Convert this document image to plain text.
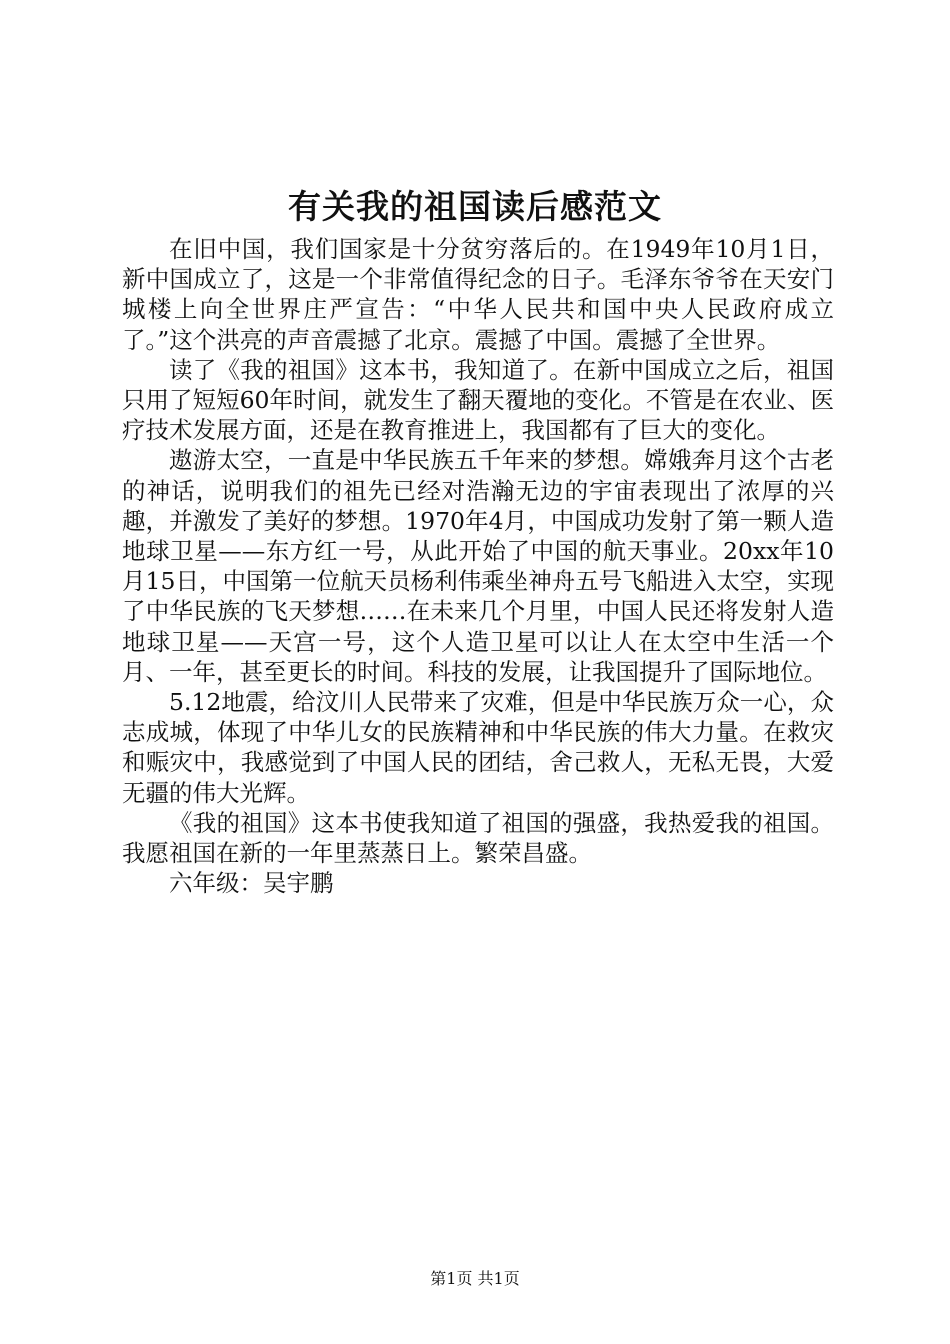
有关我的祖国读后感范文

在旧中国，我们国家是十分贫穷落后的。在1949年10月1日，新中国成立了，这是一个非常值得纪念的日子。毛泽东爷爷在天安门城楼上向全世界庄严宣告：“中华人民共和国中央人民政府成立了。”这个洪亮的声音震撼了北京。震撼了中国。震撼了全世界。

读了《我的祖国》这本书，我知道了。在新中国成立之后，祖国只用了短短60年时间，就发生了翻天覆地的变化。不管是在农业、医疗技术发展方面，还是在教育推进上，我国都有了巨大的变化。

遨游太空，一直是中华民族五千年来的梦想。嫦娥奔月这个古老的神话，说明我们的祖先已经对浩瀚无边的宇宙表现出了浓厚的兴趣，并激发了美好的梦想。1970年4月，中国成功发射了第一颗人造地球卫星——东方红一号，从此开始了中国的航天事业。20xx年10月15日，中国第一位航天员杨利伟乘坐神舟五号飞船进入太空，实现了中华民族的飞天梦想……在未来几个月里，中国人民还将发射人造地球卫星——天宫一号，这个人造卫星可以让人在太空中生活一个月、一年，甚至更长的时间。科技的发展，让我国提升了国际地位。

5.12地震，给汶川人民带来了灾难，但是中华民族万众一心，众志成城，体现了中华儿女的民族精神和中华民族的伟大力量。在救灾和赈灾中，我感觉到了中国人民的团结，舍己救人，无私无畏，大爱无疆的伟大光辉。

《我的祖国》这本书使我知道了祖国的强盛，我热爱我的祖国。我愿祖国在新的一年里蒸蒸日上。繁荣昌盛。

六年级：吴宇鹏

第1页 共1页
